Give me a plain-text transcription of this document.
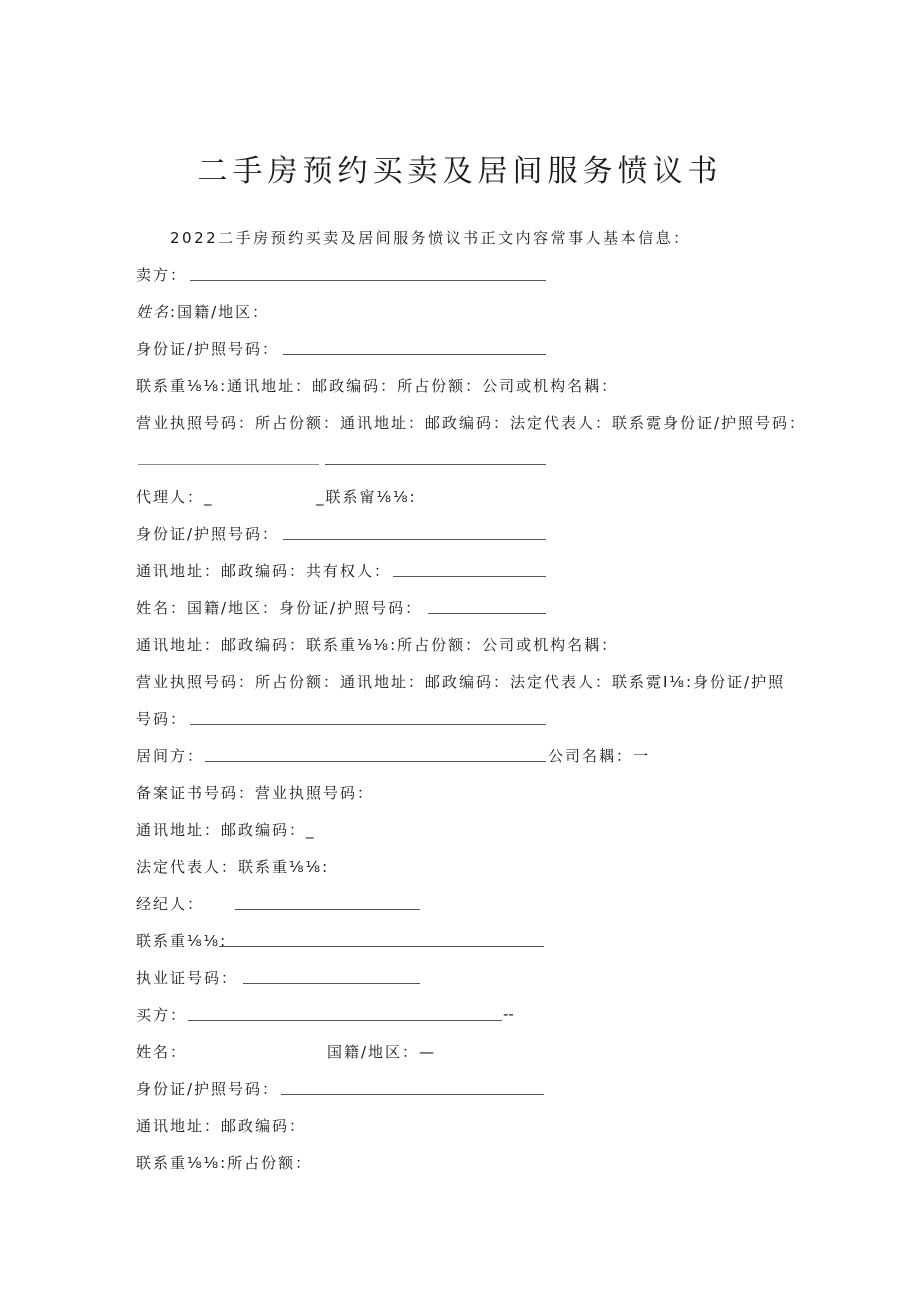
二手房预约买卖及居间服务愤议书
2022二手房预约买卖及居间服务愤议书正文内容常事人基本信息：
卖方：
姓名:国籍/地区：
身份证/护照号码：
联系重⅛⅛:通讯地址：邮政编码：所占份额：公司或机构名耦：
营业执照号码：所占份额：通讯地址：邮政编码：法定代表人：联系霓身份证/护照号码：
代理人：_	_联系甯⅛⅛:
身份证/护照号码：
通讯地址：邮政编码：共有权人：
姓名：国籍/地区：身份证/护照号码：
通讯地址：邮政编码：联系重⅛⅛:所占份额：公司或机构名耦：
营业执照号码：所占份额：通讯地址：邮政编码：法定代表人：联系霓I⅛:身份证/护照
号码：
居间方：	公司名耦：一
备案证书号码：营业执照号码：
通讯地址：邮政编码：_
法定代表人：联系重⅛⅛:
经纪人：
联系重⅛⅛:
执业证号码：
买方：	--
姓名：	国籍/地区：—
身份证/护照号码：
通讯地址：邮政编码：
联系重⅛⅛:所占份额：
